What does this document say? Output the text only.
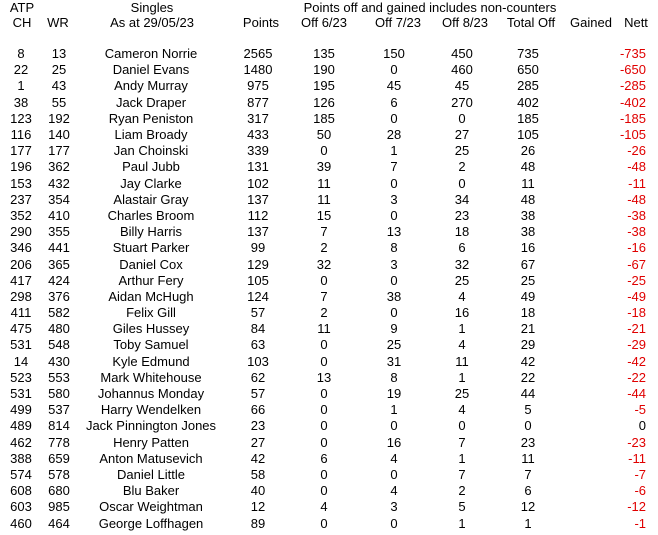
ATP
CH	WR
Singles
As at 29/05/23	Points
Points off and gained includes non-counters
Off 6/23	Off 7/23	Off 8/23	Total Off	Gained Nett
8	13	Cameron Norrie	2565	135	150	450	735		-735
22	25	Daniel Evans	1480	190	0	460	650		-650
1	43	Andy Murray	975	195	45	45	285		-285
38	55	Jack Draper	877	126	6	270	402		-402
123	192	Ryan Peniston	317	185	0	0	185		-185
116	140	Liam Broady	433	50	28	27	105		-105
177	177	Jan Choinski	339	0	1	25	26		-26
196	362	Paul Jubb	131	39	7	2	48		-48
153	432	Jay Clarke	102	11	0	0	11		-11
237	354	Alastair Gray	137	11	3	34	48		-48
352	410	Charles Broom	112	15	0	23	38		-38
290	355	Billy Harris	137	7	13	18	38		-38
346	441	Stuart Parker	99	2	8	6	16		-16
206	365	Daniel Cox	129	32	3	32	67		-67
417	424	Arthur Fery	105	0	0	25	25		-25
298	376	Aidan McHugh	124	7	38	4	49		-49
411	582	Felix Gill	57	2	0	16	18		-18
475	480	Giles Hussey	84	11	9	1	21		-21
531	548	Toby Samuel	63	0	25	4	29		-29
14	430	Kyle Edmund	103	0	31	11	42		-42
523	553	Mark Whitehouse	62	13	8	1	22		-22
531	580	Johannus Monday	57	0	19	25	44		-44
499	537	Harry Wendelken	66	0	1	4	5		-5
489	814	Jack Pinnington Jones	23	0	0	0	0		0
462	778	Henry Patten	27	0	16	7	23		-23
388	659	Anton Matusevich	42	6	4	1	11		-11
574	578	Daniel Little	58	0	0	7	7		-7
608	680	Blu Baker	40	0	4	2	6		-6
603	985	Oscar Weightman	12	4	3	5	12		-12
460	464	George Loffhagen	89	0	0	1	1		-1
